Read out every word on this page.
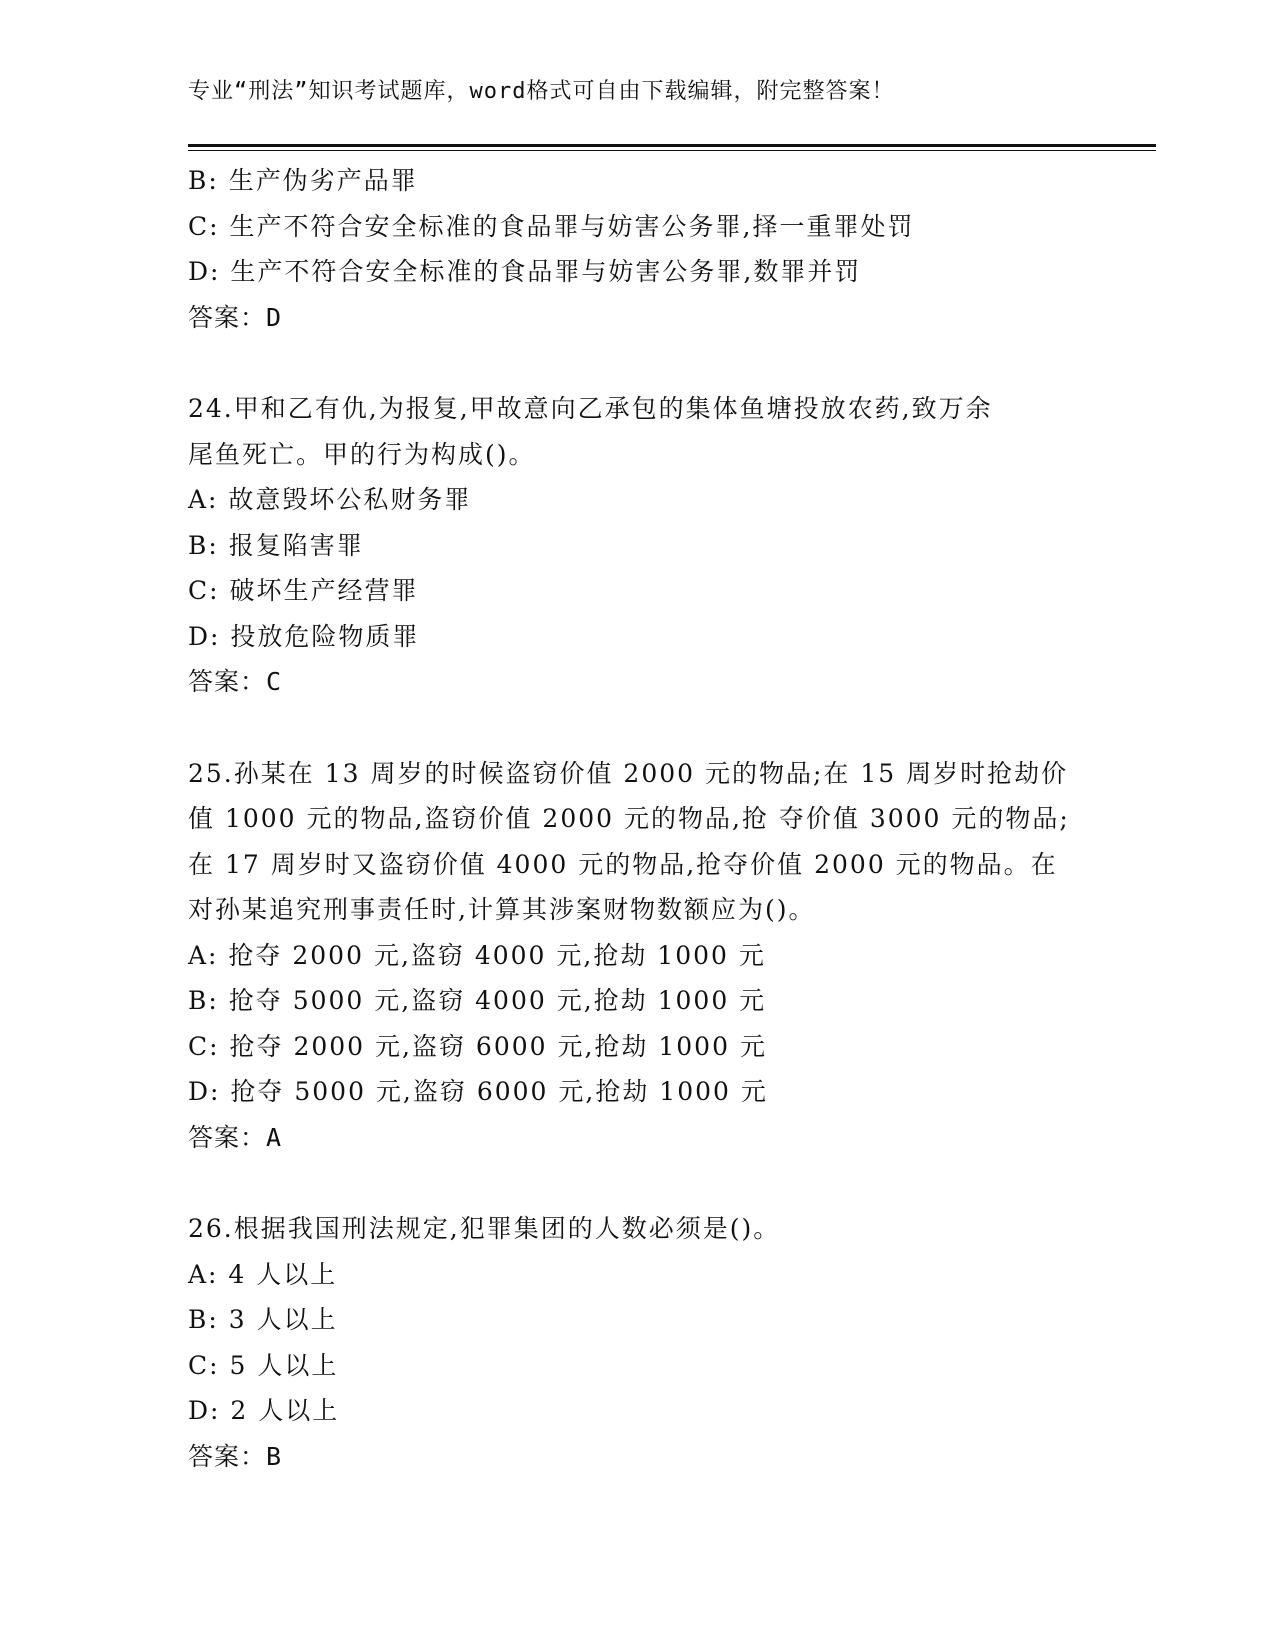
专业“刑法”知识考试题库，word格式可自由下载编辑，附完整答案！
B: 生产伪劣产品罪
C: 生产不符合安全标准的食品罪与妨害公务罪,择一重罪处罚
D: 生产不符合安全标准的食品罪与妨害公务罪,数罪并罚
答案：D
24.甲和乙有仇,为报复,甲故意向乙承包的集体鱼塘投放农药,致万余
尾鱼死亡。甲的行为构成()。
A: 故意毁坏公私财务罪
B: 报复陷害罪
C: 破坏生产经营罪
D: 投放危险物质罪
答案：C
25.孙某在 13 周岁的时候盗窃价值 2000 元的物品;在 15 周岁时抢劫价
值 1000 元的物品,盗窃价值 2000 元的物品,抢 夺价值 3000 元的物品;
在 17 周岁时又盗窃价值 4000 元的物品,抢夺价值 2000 元的物品。在
对孙某追究刑事责任时,计算其涉案财物数额应为()。
A: 抢夺 2000 元,盗窃 4000 元,抢劫 1000 元
B: 抢夺 5000 元,盗窃 4000 元,抢劫 1000 元
C: 抢夺 2000 元,盗窃 6000 元,抢劫 1000 元
D: 抢夺 5000 元,盗窃 6000 元,抢劫 1000 元
答案：A
26.根据我国刑法规定,犯罪集团的人数必须是()。
A: 4 人以上
B: 3 人以上
C: 5 人以上
D: 2 人以上
答案：B
